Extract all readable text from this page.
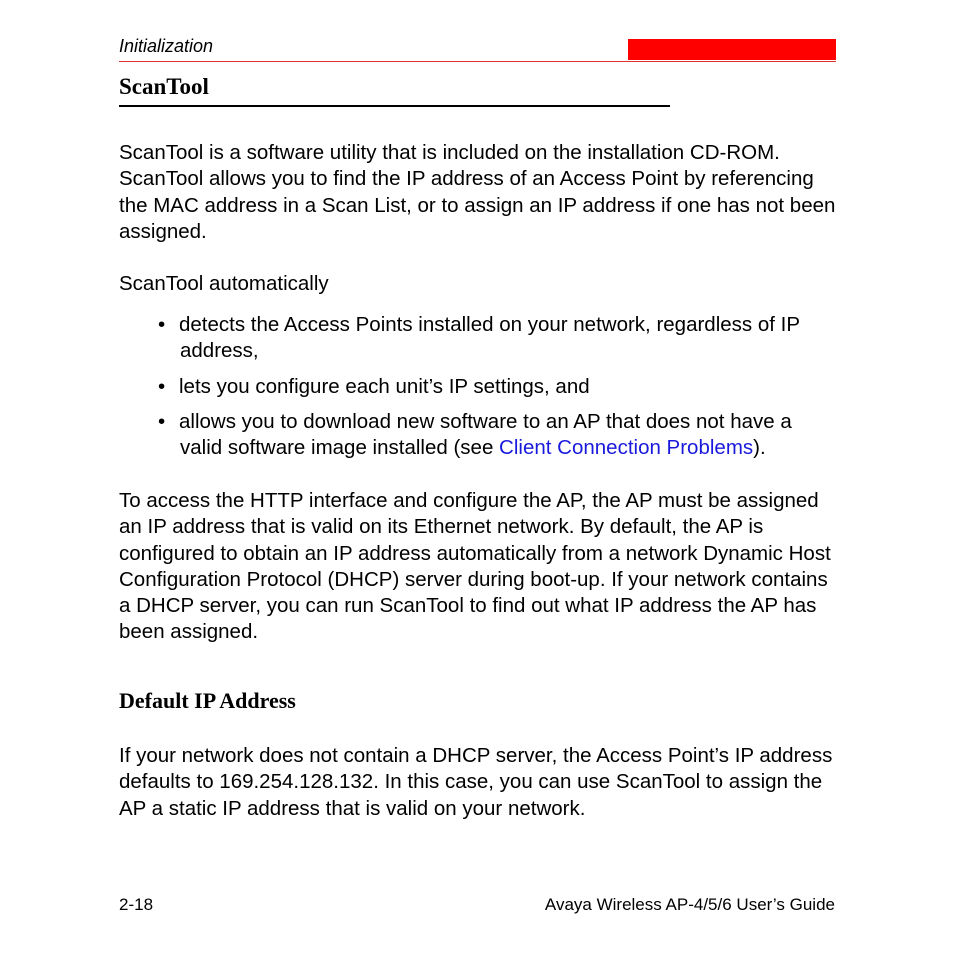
Initialization
ScanTool

ScanTool is a software utility that is included on the installation CD-ROM. ScanTool allows you to find the IP address of an Access Point by referencing the MAC address in a Scan List, or to assign an IP address if one has not been assigned.

ScanTool automatically

• detects the Access Points installed on your network, regardless of IP address,
• lets you configure each unit’s IP settings, and
• allows you to download new software to an AP that does not have a valid software image installed (see Client Connection Problems).

To access the HTTP interface and configure the AP, the AP must be assigned an IP address that is valid on its Ethernet network. By default, the AP is configured to obtain an IP address automatically from a network Dynamic Host Configuration Protocol (DHCP) server during boot-up. If your network contains a DHCP server, you can run ScanTool to find out what IP address the AP has been assigned.

Default IP Address

If your network does not contain a DHCP server, the Access Point’s IP address defaults to 169.254.128.132. In this case, you can use ScanTool to assign the AP a static IP address that is valid on your network.

2-18	Avaya Wireless AP-4/5/6 User’s Guide
